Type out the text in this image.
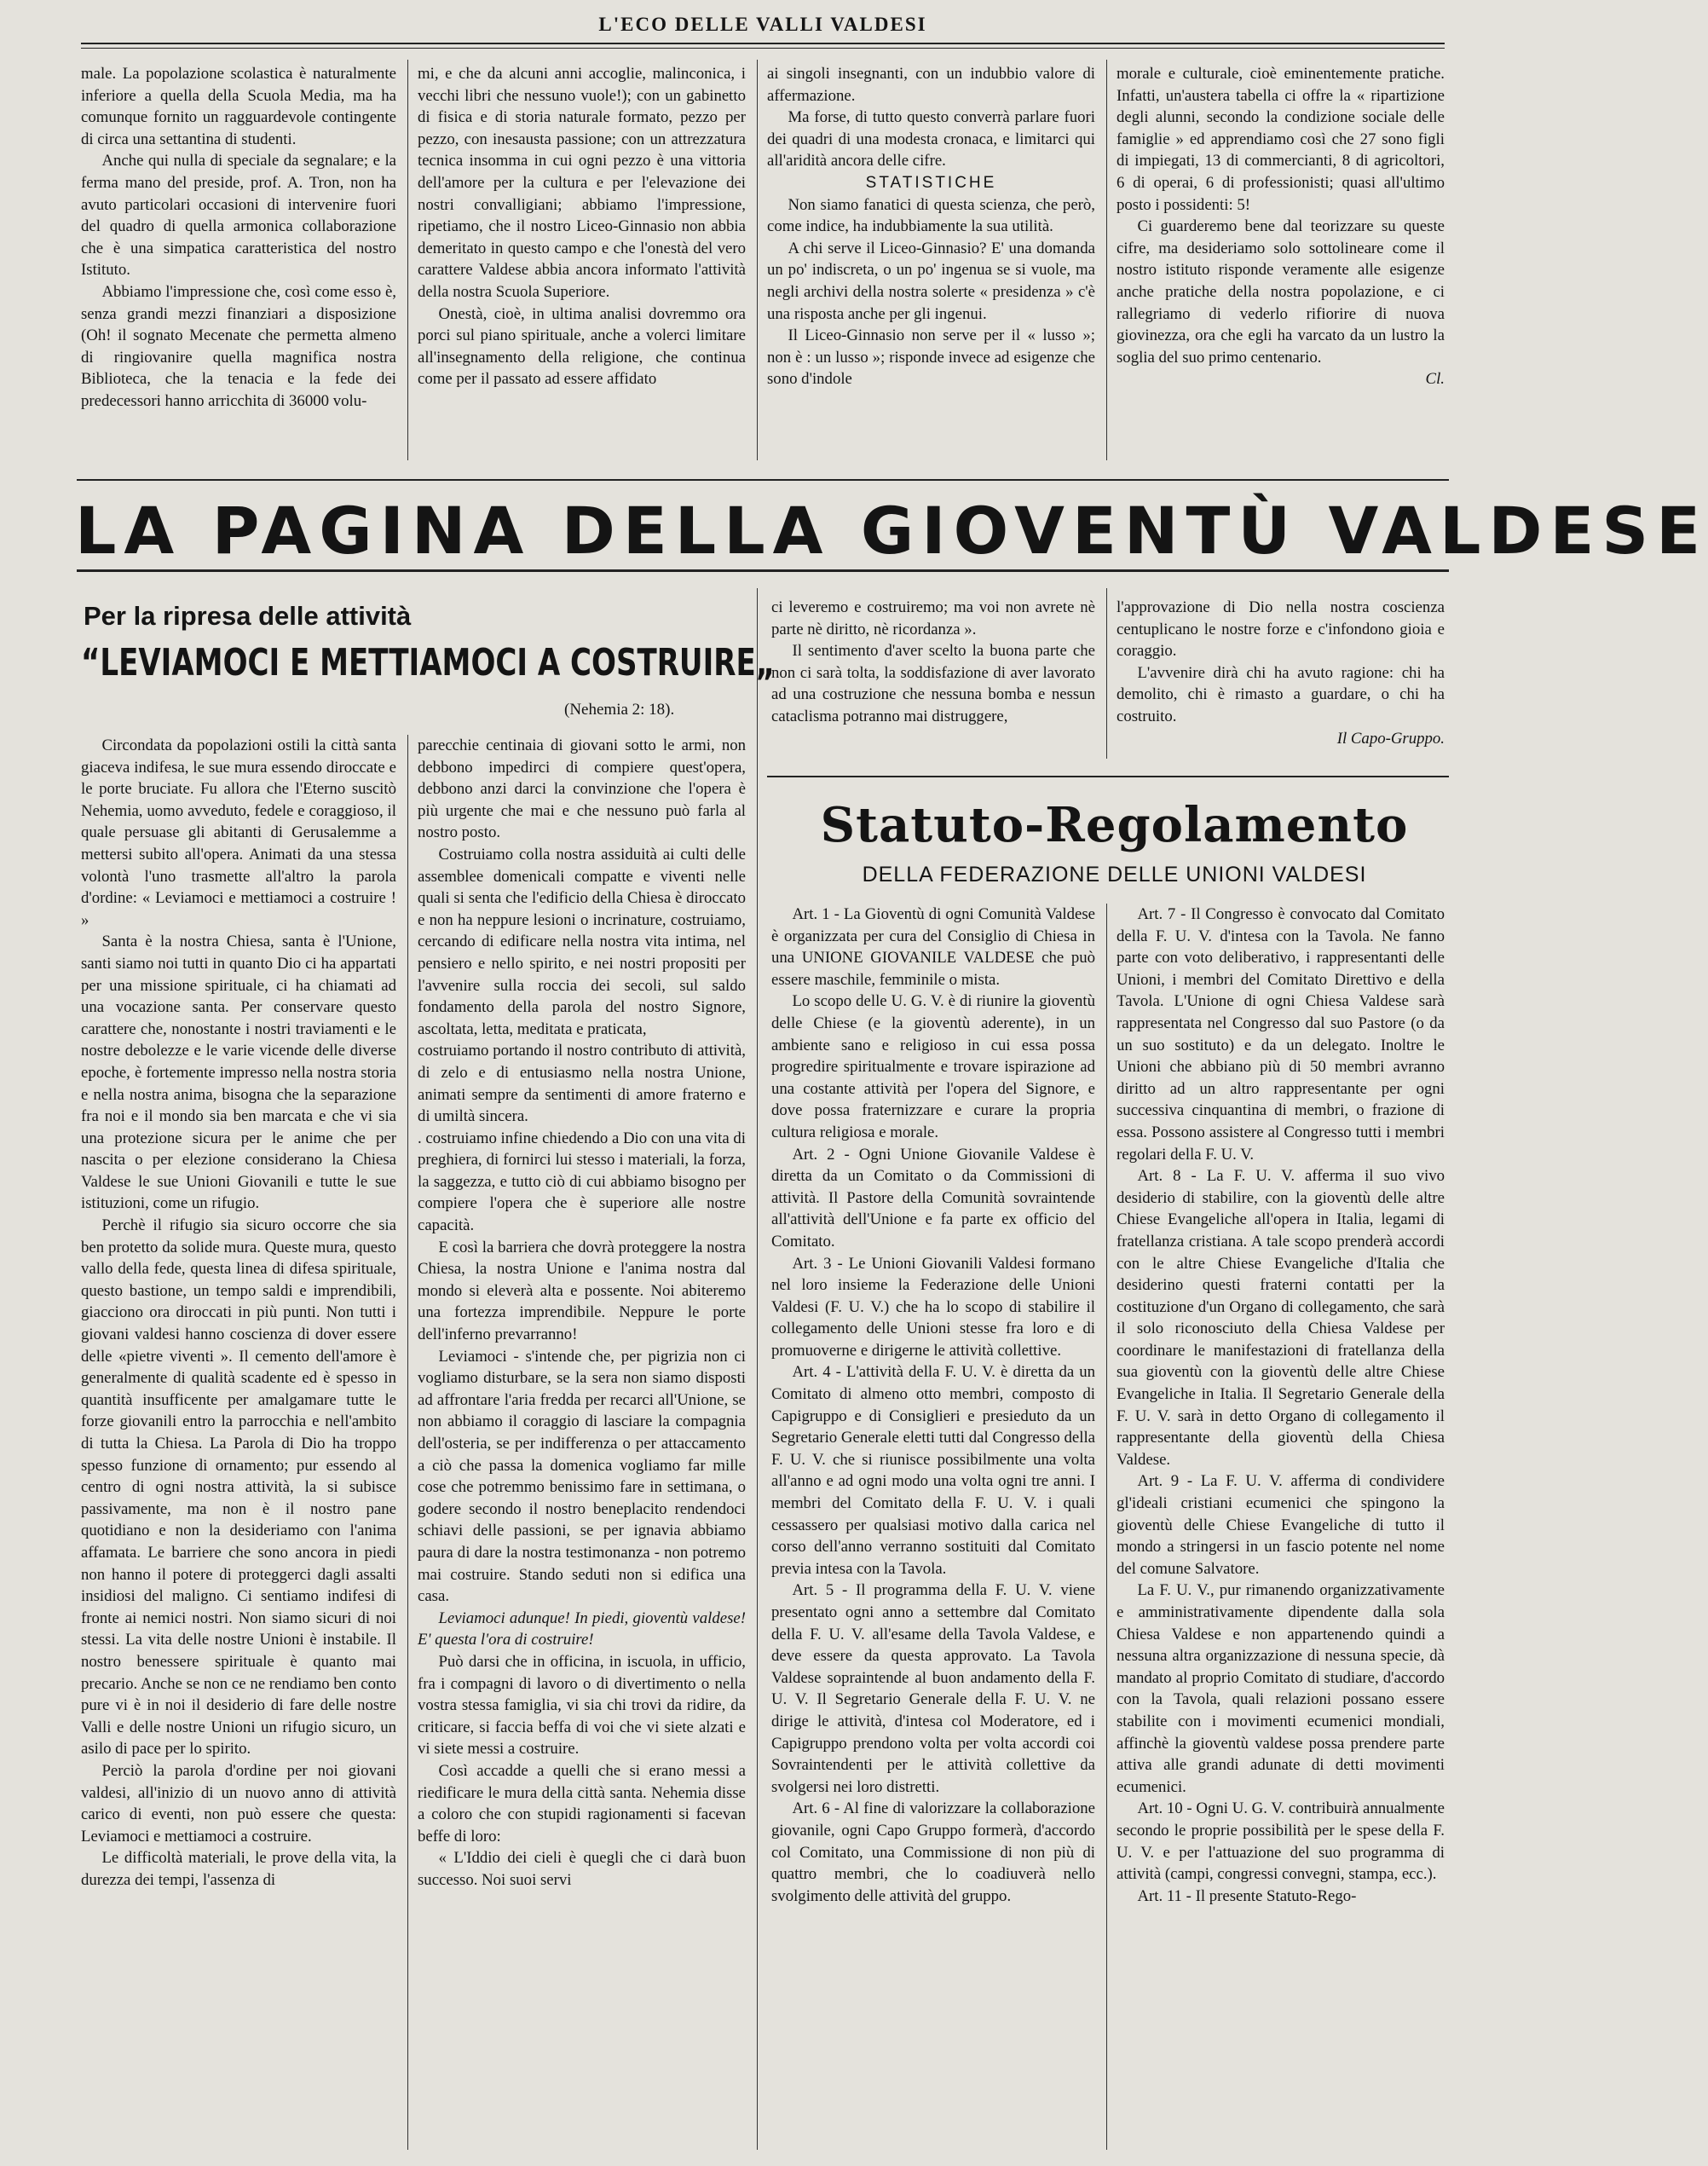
L'ECO DELLE VALLI VALDESI

male. La popolazione scolastica è naturalmente inferiore a quella della Scuola Media, ma ha comunque fornito un ragguardevole contingente di circa una settantina di studenti.

Anche qui nulla di speciale da segnalare; e la ferma mano del preside, prof. A. Tron, non ha avuto particolari occasioni di intervenire fuori del quadro di quella armonica collaborazione che è una simpatica caratteristica del nostro Istituto.

Abbiamo l'impressione che, così come esso è, senza grandi mezzi finanziari a disposizione (Oh! il sognato Mecenate che permetta almeno di ringiovanire quella magnifica nostra Biblioteca, che la tenacia e la fede dei predecessori hanno arricchita di 36000 volu-

mi, e che da alcuni anni accoglie, malinconica, i vecchi libri che nessuno vuole!); con un gabinetto di fisica e di storia naturale formato, pezzo per pezzo, con inesausta passione; con un attrezzatura tecnica insomma in cui ogni pezzo è una vittoria dell'amore per la cultura e per l'elevazione dei nostri convalligiani; abbiamo l'impressione, ripetiamo, che il nostro Liceo-Ginnasio non abbia demeritato in questo campo e che l'onestà del vero carattere Valdese abbia ancora informato l'attività della nostra Scuola Superiore.

Onestà, cioè, in ultima analisi dovremmo ora porci sul piano spirituale, anche a volerci limitare all'insegnamento della religione, che continua come per il passato ad essere affidato

ai singoli insegnanti, con un indubbio valore di affermazione.

Ma forse, di tutto questo converrà parlare fuori dei quadri di una modesta cronaca, e limitarci qui all'aridità ancora delle cifre.

STATISTICHE

Non siamo fanatici di questa scienza, che però, come indice, ha indubbiamente la sua utilità.

A chi serve il Liceo-Ginnasio? E' una domanda un po' indiscreta, o un po' ingenua se si vuole, ma negli archivi della nostra solerte « presidenza » c'è una risposta anche per gli ingenui.

Il Liceo-Ginnasio non serve per il « lusso »; non è : un lusso »; risponde invece ad esigenze che sono d'indole

morale e culturale, cioè eminentemente pratiche. Infatti, un'austera tabella ci offre la « ripartizione degli alunni, secondo la condizione sociale delle famiglie » ed apprendiamo così che 27 sono figli di impiegati, 13 di commercianti, 8 di agricoltori, 6 di operai, 6 di professionisti; quasi all'ultimo posto i possidenti: 5!

Ci guarderemo bene dal teorizzare su queste cifre, ma desideriamo solo sottolineare come il nostro istituto risponde veramente alle esigenze anche pratiche della nostra popolazione, e ci rallegriamo di vederlo rifiorire di nuova giovinezza, ora che egli ha varcato da un lustro la soglia del suo primo centenario.

Cl.

LA PAGINA DELLA GIOVENTÙ VALDESE
Per la ripresa delle attività
“LEVIAMOCI E METTIAMOCI A COSTRUIRE„
(Nehemia 2: 18).

Circondata da popolazioni ostili la città santa giaceva indifesa, le sue mura essendo diroccate e le porte bruciate. Fu allora che l'Eterno suscitò Nehemia, uomo avveduto, fedele e coraggioso, il quale persuase gli abitanti di Gerusalemme a mettersi subito all'opera. Animati da una stessa volontà l'uno trasmette all'altro la parola d'ordine: « Leviamoci e mettiamoci a costruire ! »

Santa è la nostra Chiesa, santa è l'Unione, santi siamo noi tutti in quanto Dio ci ha appartati per una missione spirituale, ci ha chiamati ad una vocazione santa. Per conservare questo carattere che, nonostante i nostri traviamenti e le nostre debolezze e le varie vicende delle diverse epoche, è fortemente impresso nella nostra storia e nella nostra anima, bisogna che la separazione fra noi e il mondo sia ben marcata e che vi sia una protezione sicura per le anime che per nascita o per elezione considerano la Chiesa Valdese le sue Unioni Giovanili e tutte le sue istituzioni, come un rifugio.

Perchè il rifugio sia sicuro occorre che sia ben protetto da solide mura. Queste mura, questo vallo della fede, questa linea di difesa spirituale, questo bastione, un tempo saldi e imprendibili, giacciono ora diroccati in più punti. Non tutti i giovani valdesi hanno coscienza di dover essere delle «pietre viventi ». Il cemento dell'amore è generalmente di qualità scadente ed è spesso in quantità insufficente per amalgamare tutte le forze giovanili entro la parrocchia e nell'ambito di tutta la Chiesa. La Parola di Dio ha troppo spesso funzione di ornamento; pur essendo al centro di ogni nostra attività, la si subisce passivamente, ma non è il nostro pane quotidiano e non la desideriamo con l'anima affamata. Le barriere che sono ancora in piedi non hanno il potere di proteggerci dagli assalti insidiosi del maligno. Ci sentiamo indifesi di fronte ai nemici nostri. Non siamo sicuri di noi stessi. La vita delle nostre Unioni è instabile. Il nostro benessere spirituale è quanto mai precario. Anche se non ce ne rendiamo ben conto pure vi è in noi il desiderio di fare delle nostre Valli e delle nostre Unioni un rifugio sicuro, un asilo di pace per lo spirito.

Perciò la parola d'ordine per noi giovani valdesi, all'inizio di un nuovo anno di attività carico di eventi, non può essere che questa: Leviamoci e mettiamoci a costruire.

Le difficoltà materiali, le prove della vita, la durezza dei tempi, l'assenza di

parecchie centinaia di giovani sotto le armi, non debbono impedirci di compiere quest'opera, debbono anzi darci la convinzione che l'opera è più urgente che mai e che nessuno può farla al nostro posto.

Costruiamo colla nostra assiduità ai culti delle assemblee domenicali compatte e viventi nelle quali si senta che l'edificio della Chiesa è diroccato e non ha neppure lesioni o incrinature, costruiamo, cercando di edificare nella nostra vita intima, nel pensiero e nello spirito, e nei nostri propositi per l'avvenire sulla roccia dei secoli, sul saldo fondamento della parola del nostro Signore, ascoltata, letta, meditata e praticata,

costruiamo portando il nostro contributo di attività, di zelo e di entusiasmo nella nostra Unione, animati sempre da sentimenti di amore fraterno e di umiltà sincera.

. costruiamo infine chiedendo a Dio con una vita di preghiera, di fornirci lui stesso i materiali, la forza, la saggezza, e tutto ciò di cui abbiamo bisogno per compiere l'opera che è superiore alle nostre capacità.

E così la barriera che dovrà proteggere la nostra Chiesa, la nostra Unione e l'anima nostra dal mondo si eleverà alta e possente. Noi abiteremo una fortezza imprendibile. Neppure le porte dell'inferno prevarranno!

Leviamoci - s'intende che, per pigrizia non ci vogliamo disturbare, se la sera non siamo disposti ad affrontare l'aria fredda per recarci all'Unione, se non abbiamo il coraggio di lasciare la compagnia dell'osteria, se per indifferenza o per attaccamento a ciò che passa la domenica vogliamo far mille cose che potremmo benissimo fare in settimana, o godere secondo il nostro beneplacito rendendoci schiavi delle passioni, se per ignavia abbiamo paura di dare la nostra testimonanza - non potremo mai costruire. Stando seduti non si edifica una casa.

Leviamoci adunque! In piedi, gioventù valdese! E' questa l'ora di costruire!

Può darsi che in officina, in iscuola, in ufficio, fra i compagni di lavoro o di divertimento o nella vostra stessa famiglia, vi sia chi trovi da ridire, da criticare, si faccia beffa di voi che vi siete alzati e vi siete messi a costruire.

Così accadde a quelli che si erano messi a riedificare le mura della città santa. Nehemia disse a coloro che con stupidi ragionamenti si facevan beffe di loro:

« L'Iddio dei cieli è quegli che ci darà buon successo. Noi suoi servi

ci leveremo e costruiremo; ma voi non avrete nè parte nè diritto, nè ricordanza ».

Il sentimento d'aver scelto la buona parte che non ci sarà tolta, la soddisfazione di aver lavorato ad una costruzione che nessuna bomba e nessun cataclisma potranno mai distruggere,

l'approvazione di Dio nella nostra coscienza centuplicano le nostre forze e c'infondono gioia e coraggio.

L'avvenire dirà chi ha avuto ragione: chi ha demolito, chi è rimasto a guardare, o chi ha costruito.

Il Capo-Gruppo.

Statuto-Regolamento
DELLA FEDERAZIONE DELLE UNIONI VALDESI

Art. 1 - La Gioventù di ogni Comunità Valdese è organizzata per cura del Consiglio di Chiesa in una UNIONE GIOVANILE VALDESE che può essere maschile, femminile o mista.

Lo scopo delle U. G. V. è di riunire la gioventù delle Chiese (e la gioventù aderente), in un ambiente sano e religioso in cui essa possa progredire spiritualmente e trovare ispirazione ad una costante attività per l'opera del Signore, e dove possa fraternizzare e curare la propria cultura religiosa e morale.

Art. 2 - Ogni Unione Giovanile Valdese è diretta da un Comitato o da Commissioni di attività. Il Pastore della Comunità sovraintende all'attività dell'Unione e fa parte ex officio del Comitato.

Art. 3 - Le Unioni Giovanili Valdesi formano nel loro insieme la Federazione delle Unioni Valdesi (F. U. V.) che ha lo scopo di stabilire il collegamento delle Unioni stesse fra loro e di promuoverne e dirigerne le attività collettive.

Art. 4 - L'attività della F. U. V. è diretta da un Comitato di almeno otto membri, composto di Capigruppo e di Consiglieri e presieduto da un Segretario Generale eletti tutti dal Congresso della F. U. V. che si riunisce possibilmente una volta all'anno e ad ogni modo una volta ogni tre anni. I membri del Comitato della F. U. V. i quali cessassero per qualsiasi motivo dalla carica nel corso dell'anno verranno sostituiti dal Comitato previa intesa con la Tavola.

Art. 5 - Il programma della F. U. V. viene presentato ogni anno a settembre dal Comitato della F. U. V. all'esame della Tavola Valdese, e deve essere da questa approvato. La Tavola Valdese sopraintende al buon andamento della F. U. V. Il Segretario Generale della F. U. V. ne dirige le attività, d'intesa col Moderatore, ed i Capigruppo prendono volta per volta accordi coi Sovraintendenti per le attività collettive da svolgersi nei loro distretti.

Art. 6 - Al fine di valorizzare la collaborazione giovanile, ogni Capo Gruppo formerà, d'accordo col Comitato, una Commissione di non più di quattro membri, che lo coadiuverà nello svolgimento delle attività del gruppo.

Art. 7 - Il Congresso è convocato dal Comitato della F. U. V. d'intesa con la Tavola. Ne fanno parte con voto deliberativo, i rappresentanti delle Unioni, i membri del Comitato Direttivo e della Tavola. L'Unione di ogni Chiesa Valdese sarà rappresentata nel Congresso dal suo Pastore (o da un suo sostituto) e da un delegato. Inoltre le Unioni che abbiano più di 50 membri avranno diritto ad un altro rappresentante per ogni successiva cinquantina di membri, o frazione di essa. Possono assistere al Congresso tutti i membri regolari della F. U. V.

Art. 8 - La F. U. V. afferma il suo vivo desiderio di stabilire, con la gioventù delle altre Chiese Evangeliche all'opera in Italia, legami di fratellanza cristiana. A tale scopo prenderà accordi con le altre Chiese Evangeliche d'Italia che desiderino questi fraterni contatti per la costituzione d'un Organo di collegamento, che sarà il solo riconosciuto della Chiesa Valdese per coordinare le manifestazioni di fratellanza della sua gioventù con la gioventù delle altre Chiese Evangeliche in Italia. Il Segretario Generale della F. U. V. sarà in detto Organo di collegamento il rappresentante della gioventù della Chiesa Valdese.

Art. 9 - La F. U. V. afferma di condividere gl'ideali cristiani ecumenici che spingono la gioventù delle Chiese Evangeliche di tutto il mondo a stringersi in un fascio potente nel nome del comune Salvatore.

La F. U. V., pur rimanendo organizzativamente e amministrativamente dipendente dalla sola Chiesa Valdese e non appartenendo quindi a nessuna altra organizzazione di nessuna specie, dà mandato al proprio Comitato di studiare, d'accordo con la Tavola, quali relazioni possano essere stabilite con i movimenti ecumenici mondiali, affinchè la gioventù valdese possa prendere parte attiva alle grandi adunate di detti movimenti ecumenici.

Art. 10 - Ogni U. G. V. contribuirà annualmente secondo le proprie possibilità per le spese della F. U. V. e per l'attuazione del suo programma di attività (campi, congressi convegni, stampa, ecc.).

Art. 11 - Il presente Statuto-Rego-
